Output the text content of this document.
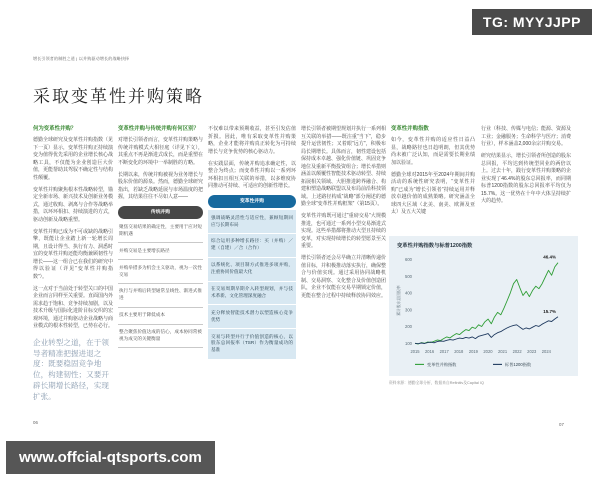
增长引领者的制胜之道 | 以并购驱动增长的战略抉择
采取变革性并购策略
TG: MYYJJPP
何为变革性并购？

德勤全球研究及变革性并购指数（见下一页）显示，变革性并购正持续演变为值得优先采用的企业增长核心战略工具，不仅能为企业创造巨大价值，更能帮助其驾驭不确定性与结构性颠覆。

变革性并购聚焦根本性战略转型，锚定全新市场、新兴技术及创新业务模式，通过收购、剥离与合作等战略举措，以环环相扣、持续演进的方式，驱动创新及战略重塑。

变革性并购已成为不可或缺的战略引擎，既能让企业踏上新一轮增长周期，且设计得当、执行有力、洞悉时宜的变革性并购还能均衡兼顾韧性与增长——这一组合已在我们的研究中得以验证（详见“变革性并购指数”）。

这一点对于当前处于转型关口的中国企业而言同样至关重要。直面国内外需求趋于饱和、竞争持续加剧，以及技术升级与国际化进阶目标交织的宏观环境，通过并购驱动企业战略与商业模式的根本性转型，已势在必行。

企业转型之道，在于领导者精准把握进退之度：既要稳固竞争地位，构建韧性；又要开辟长期增长路径，实现扩张。
变革性并购与传统并购有何区别？

对增长引领者而言，变革性并购策略与传统并购模式大相径庭（详见下文），其重点不再是渐进式成长，而是重塑在不断变化的环境中一举制胜的方略。

长期以来，传统并购被视为业务增长与股东价值的源泉。然而，德勤全球研究指出，若缺乏战略延展与市场温度的把握，其结果往往不尽如人意——

传统并购
聚焦交易结果的确定性，主要用于应对短期机遇
并购交易是主要增长路径
并购举措多为机会主义驱动，视为一次性交易
执行与并购后转型通常呈线性、渐进式推进
技术主要用于降低成本
整合聚焦价值达成的信心，成本协同常被视为成交的关键衡量

不仅难以带来预期收益，甚至引发估值折损。因此，唯有采取变革性并购策略，企业才能将并购真正转化为可持续增长与竞争优势的核心驱动力。

在实践层面，传统并购追求确定性，以整合为终点；而变革性并购以一系列环环相扣且相互关联的举措，以多维度协同推动可持续、可适应的创新性增长。

变革性并购
强调战略灵活性与适应性，兼顾短期回应与长期布局
综合运用多种增长路径：买（并购）／建（自建）／合（合作）
以系统化、项目制方式推进多项并购，注重协同价值最大化
在交易周期早期介入转型规划，并与技术革新、文化管理深度融合
充分释放智能技术潜力以塑造核心竞争优势
交易与转型并行于价值创造的核心，以股东总回报率（TSR）作为衡量成功的基准

增长引领者被期望规划并执行一系列相互关联的举措——既注重“当下”，稳步提升运营韧性；又着眼“远方”，积极布局长期增长。具体而言，韧性建设包括保持成本卓越、强化价值链、巩固竞争地位及重新平衡投资组合；增长举措则涵盖以颠覆性智能技术驱动转型、持续拓展相关领域、大胆推进跨界融合、构建和塑造战略联盟以及布局前沿科技领域。上述路径构成“战略”部分阐述的德勤全球“变革性并购框架”（第15页）。

变革性并购既可通过“重磅交易”大规模推进，也可通过一系列小型交易渐进式实现。这些举措都将推动大型且持续的变革，对实现持续增长的转型愿景至关重要。

增长引领者还会尽早确立并清晰传递价值目标，并积极推动落实执行，确保整合与价值实现。通过采用协同战略机制、交易洞察、文化整合及价值创造团队，企业不仅能在交易早期锁定价值，更能在整合过程中持续释放协同效应。

变革性并购指数

如今，变革性并购的适应性日益凸显，战略路径也日趋明朗，但其优势尚未被广泛认知，而是需要长期业绩加以验证。

德勤全球对2015年至2024年期间并购活动的系统性研究表明，“变革性并购”已成为“增长引领者”持续运用并释放卓越价值的成熟策略。研究涵盖全球四大区域（北美、南美、欧洲及亚太）及五大关键

行业（科技、传媒与电信；能源、资源及工业；金融服务；生命科学与医疗；消费行业），样本涵盖2,000余宗并购交易。

研究结果显示，增长引领者所创造的股东总回报，平均达到传统型同业的两倍以上。过去十年，践行变革性并购策略的企业实现了46.4%的股东总回报率，而同期标普1200指数的股东总回报率平均仅为15.7%。这一优势在十年中大体呈持续扩大的趋势。

变革性并购指数与标普1200指数
100
200
300
400
500
600
2015 2016 2017 2018 2019 2020 2021 2022 2023 2024
累计股东总回报率
46.4%
变革性并购指数
15.7%
标普1200指数
资料来源：德勤全球分析，数据来自Refinitiv及Capital IQ
06	07
www.offcial-qtsports.com
